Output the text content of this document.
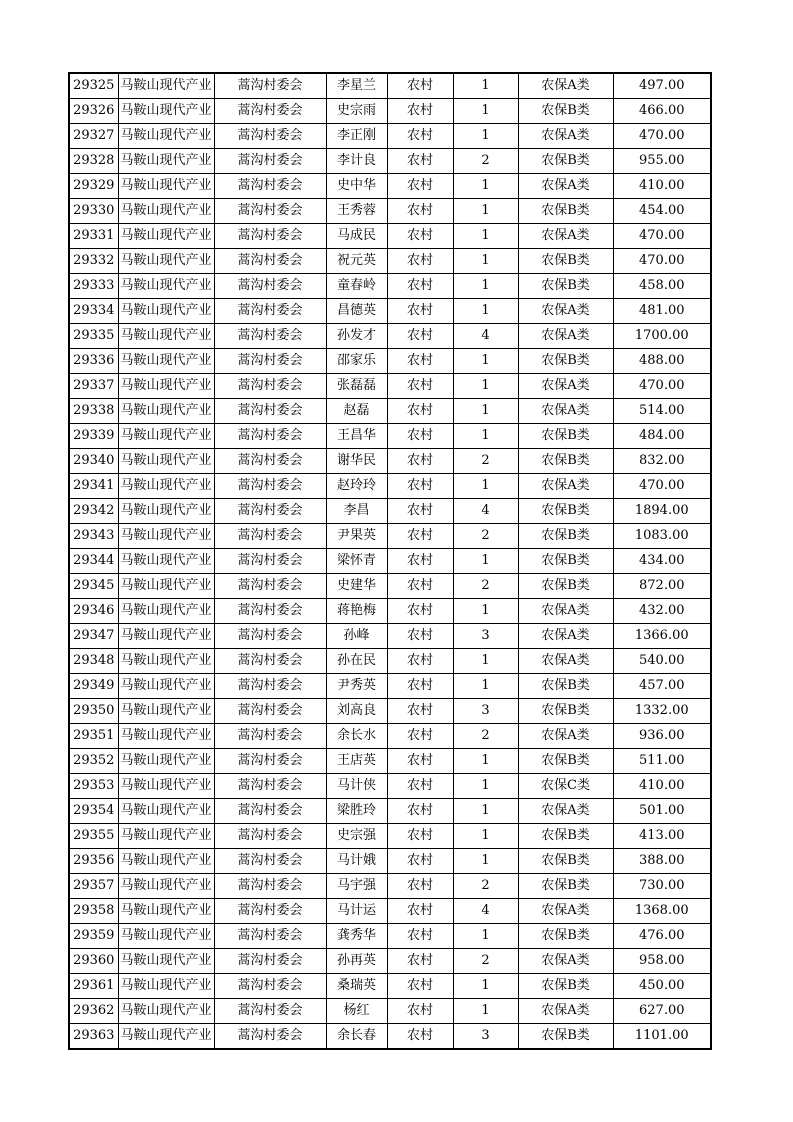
29325	马鞍山现代产业	蒿沟村委会	李星兰	农村	1	农保A类	497.00
29326	马鞍山现代产业	蒿沟村委会	史宗雨	农村	1	农保B类	466.00
29327	马鞍山现代产业	蒿沟村委会	李正刚	农村	1	农保A类	470.00
29328	马鞍山现代产业	蒿沟村委会	李计良	农村	2	农保B类	955.00
29329	马鞍山现代产业	蒿沟村委会	史中华	农村	1	农保A类	410.00
29330	马鞍山现代产业	蒿沟村委会	王秀蓉	农村	1	农保B类	454.00
29331	马鞍山现代产业	蒿沟村委会	马成民	农村	1	农保A类	470.00
29332	马鞍山现代产业	蒿沟村委会	祝元英	农村	1	农保B类	470.00
29333	马鞍山现代产业	蒿沟村委会	童春岭	农村	1	农保B类	458.00
29334	马鞍山现代产业	蒿沟村委会	昌德英	农村	1	农保A类	481.00
29335	马鞍山现代产业	蒿沟村委会	孙发才	农村	4	农保A类	1700.00
29336	马鞍山现代产业	蒿沟村委会	邵家乐	农村	1	农保B类	488.00
29337	马鞍山现代产业	蒿沟村委会	张磊磊	农村	1	农保A类	470.00
29338	马鞍山现代产业	蒿沟村委会	赵磊	农村	1	农保A类	514.00
29339	马鞍山现代产业	蒿沟村委会	王昌华	农村	1	农保B类	484.00
29340	马鞍山现代产业	蒿沟村委会	谢华民	农村	2	农保B类	832.00
29341	马鞍山现代产业	蒿沟村委会	赵玲玲	农村	1	农保A类	470.00
29342	马鞍山现代产业	蒿沟村委会	李昌	农村	4	农保B类	1894.00
29343	马鞍山现代产业	蒿沟村委会	尹果英	农村	2	农保B类	1083.00
29344	马鞍山现代产业	蒿沟村委会	梁怀青	农村	1	农保B类	434.00
29345	马鞍山现代产业	蒿沟村委会	史建华	农村	2	农保B类	872.00
29346	马鞍山现代产业	蒿沟村委会	蒋艳梅	农村	1	农保A类	432.00
29347	马鞍山现代产业	蒿沟村委会	孙峰	农村	3	农保A类	1366.00
29348	马鞍山现代产业	蒿沟村委会	孙在民	农村	1	农保A类	540.00
29349	马鞍山现代产业	蒿沟村委会	尹秀英	农村	1	农保B类	457.00
29350	马鞍山现代产业	蒿沟村委会	刘高良	农村	3	农保B类	1332.00
29351	马鞍山现代产业	蒿沟村委会	余长水	农村	2	农保A类	936.00
29352	马鞍山现代产业	蒿沟村委会	王店英	农村	1	农保B类	511.00
29353	马鞍山现代产业	蒿沟村委会	马计侠	农村	1	农保C类	410.00
29354	马鞍山现代产业	蒿沟村委会	梁胜玲	农村	1	农保A类	501.00
29355	马鞍山现代产业	蒿沟村委会	史宗强	农村	1	农保B类	413.00
29356	马鞍山现代产业	蒿沟村委会	马计娥	农村	1	农保B类	388.00
29357	马鞍山现代产业	蒿沟村委会	马宇强	农村	2	农保B类	730.00
29358	马鞍山现代产业	蒿沟村委会	马计运	农村	4	农保A类	1368.00
29359	马鞍山现代产业	蒿沟村委会	龚秀华	农村	1	农保B类	476.00
29360	马鞍山现代产业	蒿沟村委会	孙再英	农村	2	农保A类	958.00
29361	马鞍山现代产业	蒿沟村委会	桑瑞英	农村	1	农保B类	450.00
29362	马鞍山现代产业	蒿沟村委会	杨红	农村	1	农保A类	627.00
29363	马鞍山现代产业	蒿沟村委会	余长春	农村	3	农保B类	1101.00
